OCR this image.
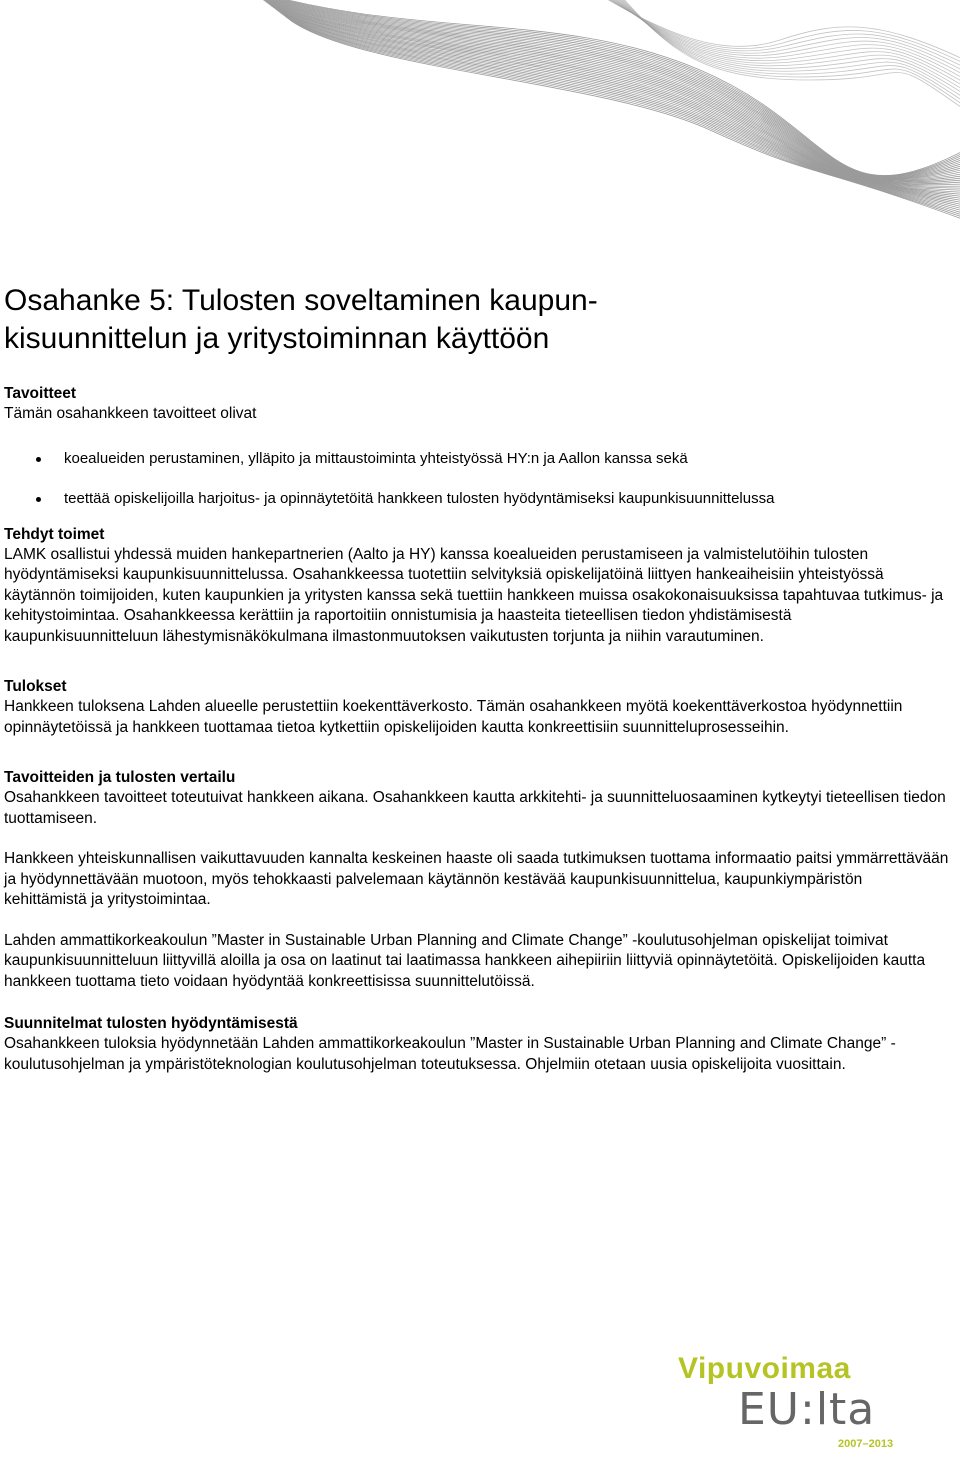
Osahanke 5: Tulosten soveltaminen kaupun-
kisuunnittelun ja yritystoiminnan käyttöön

Tavoitteet

Tämän osahankkeen tavoitteet olivat

koealueiden perustaminen, ylläpito ja mittaustoiminta yhteistyössä HY:n ja Aallon kanssa sekä
teettää opiskelijoilla harjoitus- ja opinnäytetöitä hankkeen tulosten hyödyntämiseksi kaupunkisuunnittelussa

Tehdyt toimet

LAMK osallistui yhdessä muiden hankepartnerien (Aalto ja HY) kanssa koealueiden perustamiseen ja valmistelutöihin tulosten hyödyntämiseksi kaupunkisuunnittelussa. Osahankkeessa tuotettiin selvityksiä opiskelijatöinä liittyen hankeaiheisiin yhteistyössä käytännön toimijoiden, kuten kaupunkien ja yritysten kanssa sekä tuettiin hankkeen muissa osakokonaisuuksissa tapahtuvaa tutkimus- ja kehitystoimintaa. Osahankkeessa kerättiin ja raportoitiin onnistumisia ja haasteita tieteellisen tiedon yhdistämisestä kaupunkisuunnitteluun lähestymisnäkökulmana ilmastonmuutoksen vaikutusten torjunta ja niihin varautuminen.

Tulokset

Hankkeen tuloksena Lahden alueelle perustettiin koekenttäverkosto. Tämän osahankkeen myötä koekenttäverkostoa hyödynnettiin opinnäytetöissä ja hankkeen tuottamaa tietoa kytkettiin opiskelijoiden kautta konkreettisiin suunnitteluprosesseihin.

Tavoitteiden ja tulosten vertailu

Osahankkeen tavoitteet toteutuivat hankkeen aikana. Osahankkeen kautta arkkitehti- ja suunnitteluosaaminen kytkeytyi tieteellisen tiedon tuottamiseen.

Hankkeen yhteiskunnallisen vaikuttavuuden kannalta keskeinen haaste oli saada tutkimuksen tuottama informaatio paitsi ymmärrettävään ja hyödynnettävään muotoon, myös tehokkaasti palvelemaan käytännön kestävää kaupunkisuunnittelua, kaupunkiympäristön kehittämistä ja yritystoimintaa.

Lahden ammattikorkeakoulun ”Master in Sustainable Urban Planning and Climate Change” -koulutusohjelman opiskelijat toimivat kaupunkisuunnitteluun liittyvillä aloilla ja osa on laatinut tai laatimassa hankkeen aihepiiriin liittyviä opinnäytetöitä. Opiskelijoiden kautta hankkeen tuottama tieto voidaan hyödyntää konkreettisissa suunnittelutöissä.

Suunnitelmat tulosten hyödyntämisestä

Osahankkeen tuloksia hyödynnetään Lahden ammattikorkeakoulun ”Master in Sustainable Urban Planning and Climate Change” -koulutusohjelman ja ympäristöteknologian koulutusohjelman toteutuksessa. Ohjelmiin otetaan uusia opiskelijoita vuosittain.

Vipuvoimaa
EU:lta
2007–2013
